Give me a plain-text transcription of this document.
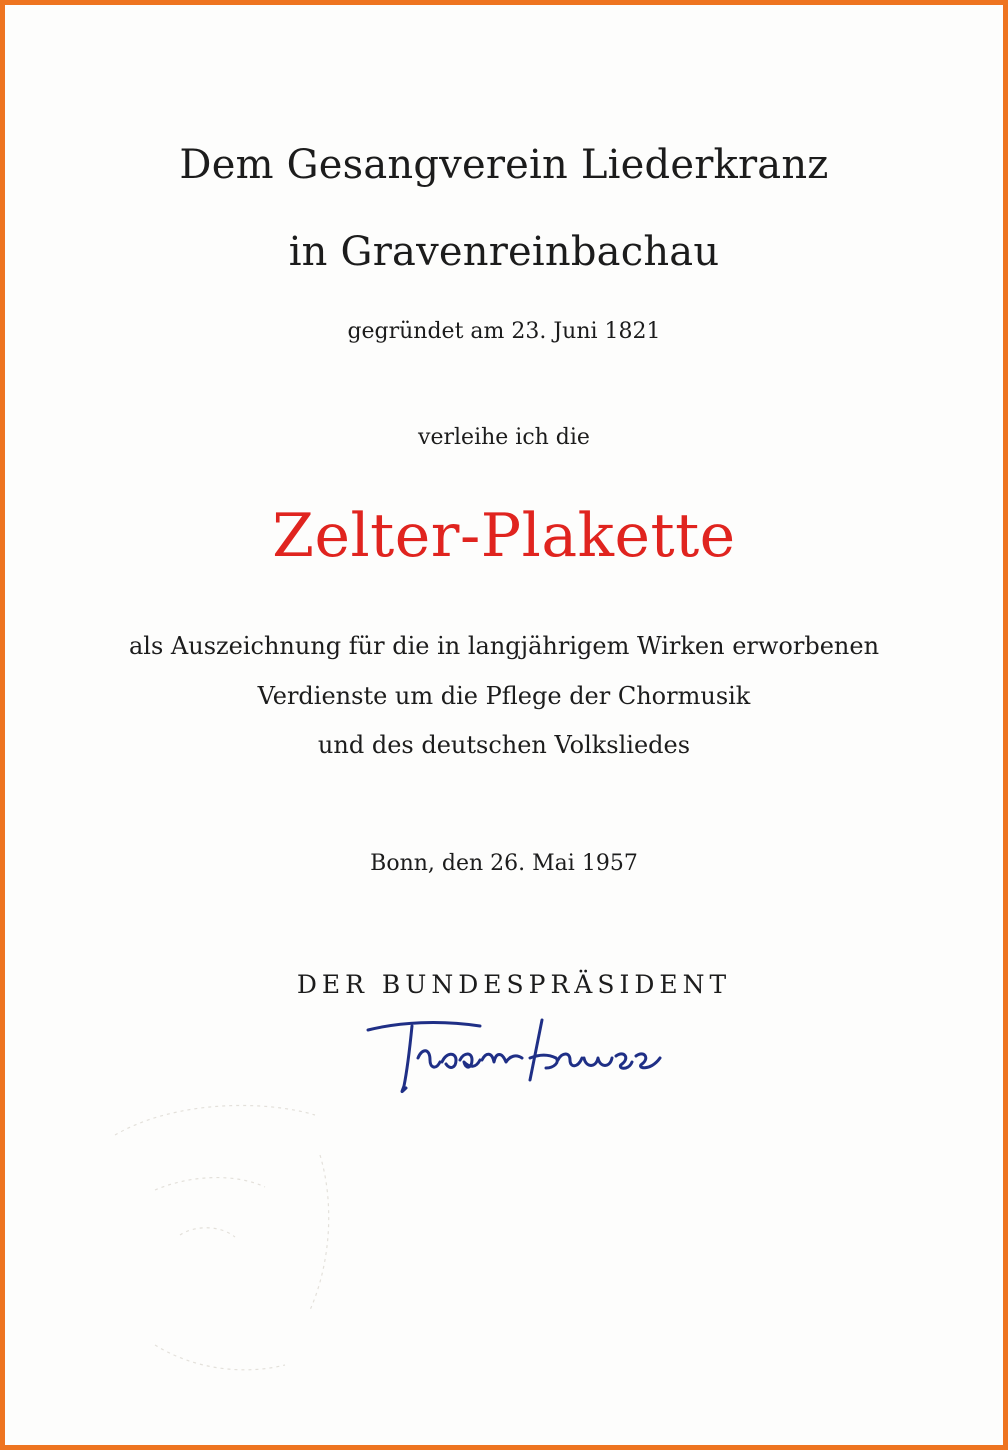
Dem Gesangverein Liederkranz
in Gravenreinbachau
gegründet am 23. Juni 1821
verleihe ich die
Zelter-Plakette
als Auszeichnung für die in langjährigem Wirken erworbenen
Verdienste um die Pflege der Chormusik
und des deutschen Volksliedes
Bonn, den 26. Mai 1957
DER BUNDESPRÄSIDENT
